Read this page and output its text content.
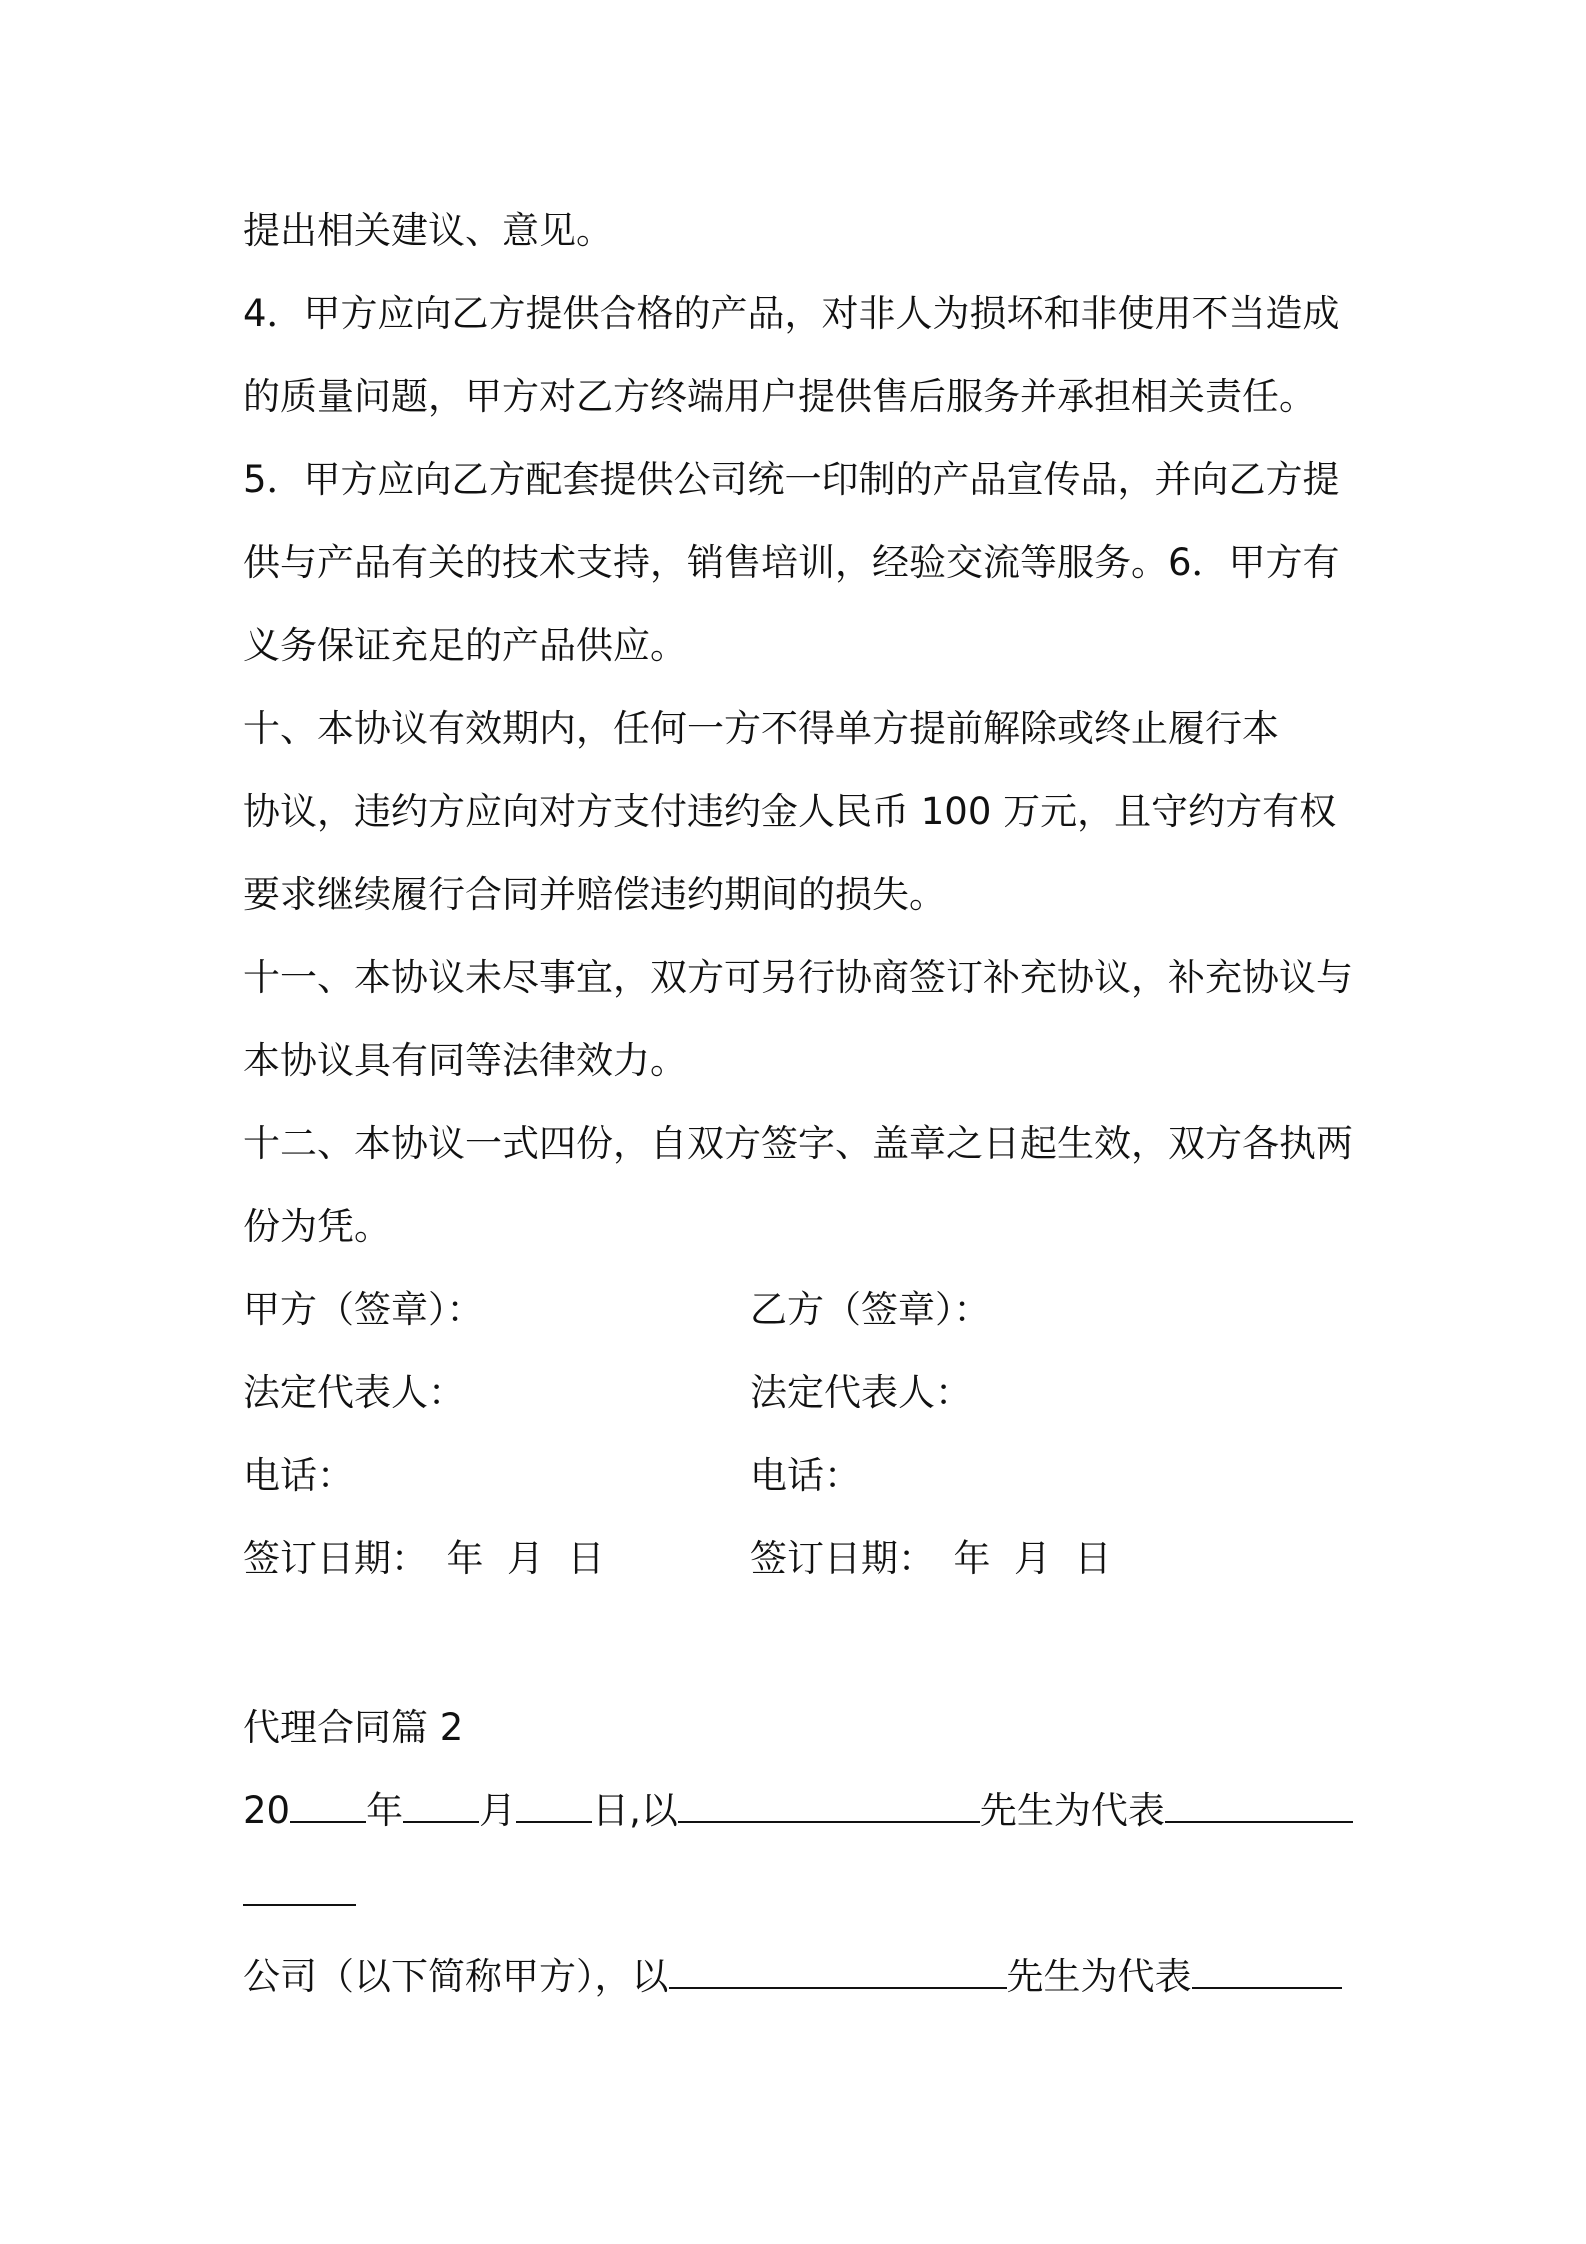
提出相关建议、意见。
4．甲方应向乙方提供合格的产品，对非人为损坏和非使用不当造成
的质量问题，甲方对乙方终端用户提供售后服务并承担相关责任。
5．甲方应向乙方配套提供公司统一印制的产品宣传品，并向乙方提
供与产品有关的技术支持，销售培训，经验交流等服务。6．甲方有
义务保证充足的产品供应。
十、本协议有效期内，任何一方不得单方提前解除或终止履行本
协议，违约方应向对方支付违约金人民币 100 万元，且守约方有权
要求继续履行合同并赔偿违约期间的损失。
十一、本协议未尽事宜，双方可另行协商签订补充协议，补充协议与
本协议具有同等法律效力。
十二、本协议一式四份，自双方签字、盖章之日起生效，双方各执两
份为凭。
甲方（签章）：	乙方（签章）：
法定代表人：	法定代表人：
电话：	电话：
签订日期：　年  月  日	签订日期：　年  月  日
代理合同篇 2
20 年 月 日,以	先生为代表
公司（以下简称甲方），以	先生为代表
